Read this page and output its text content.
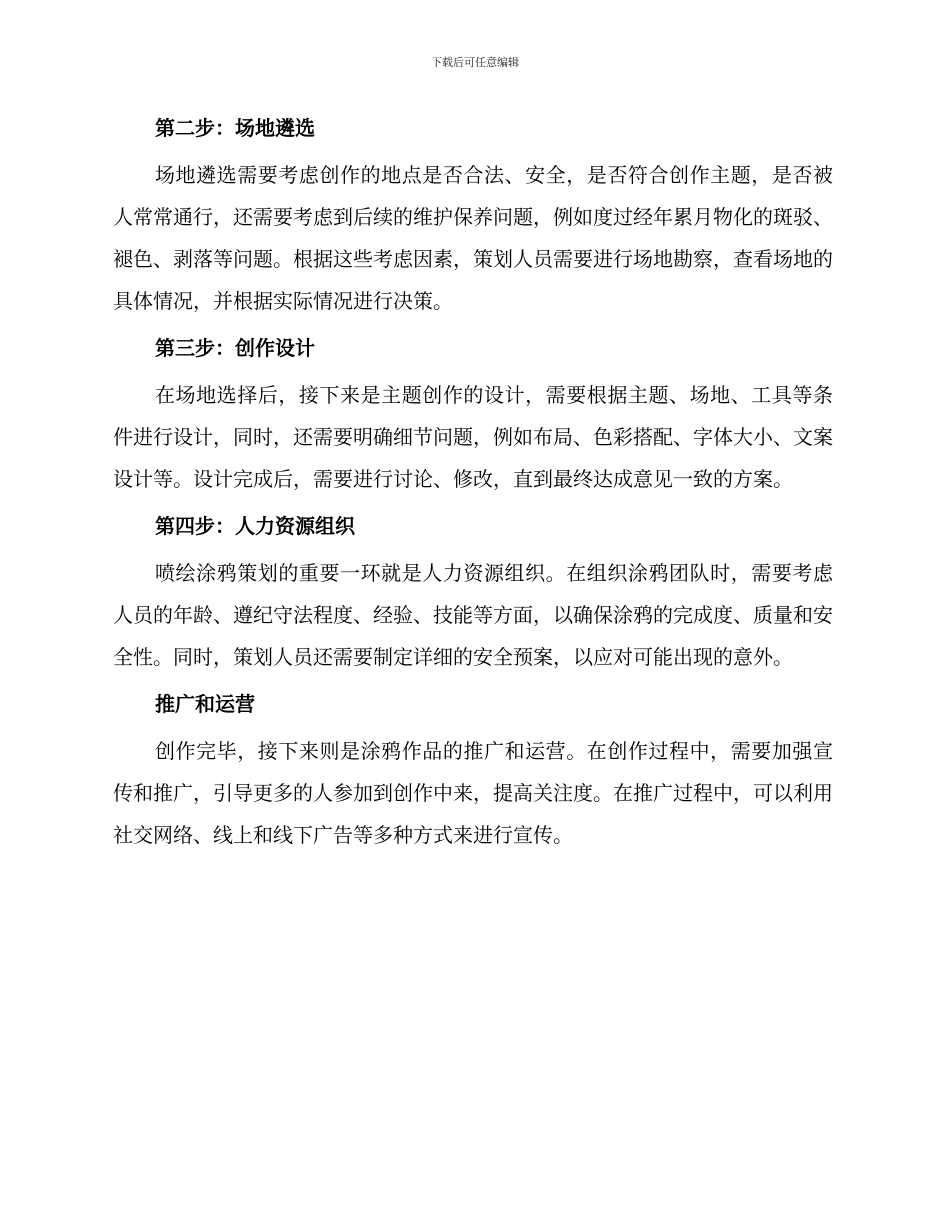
下载后可任意编辑
第二步：场地遴选

场地遴选需要考虑创作的地点是否合法、安全，是否符合创作主题，是否被人常常通行，还需要考虑到后续的维护保养问题，例如度过经年累月物化的斑驳、褪色、剥落等问题。根据这些考虑因素，策划人员需要进行场地勘察，查看场地的具体情况，并根据实际情况进行决策。

第三步：创作设计

在场地选择后，接下来是主题创作的设计，需要根据主题、场地、工具等条件进行设计，同时，还需要明确细节问题，例如布局、色彩搭配、字体大小、文案设计等。设计完成后，需要进行讨论、修改，直到最终达成意见一致的方案。

第四步：人力资源组织

喷绘涂鸦策划的重要一环就是人力资源组织。在组织涂鸦团队时，需要考虑人员的年龄、遵纪守法程度、经验、技能等方面，以确保涂鸦的完成度、质量和安全性。同时，策划人员还需要制定详细的安全预案，以应对可能出现的意外。

推广和运营

创作完毕，接下来则是涂鸦作品的推广和运营。在创作过程中，需要加强宣传和推广，引导更多的人参加到创作中来，提高关注度。在推广过程中，可以利用社交网络、线上和线下广告等多种方式来进行宣传。
